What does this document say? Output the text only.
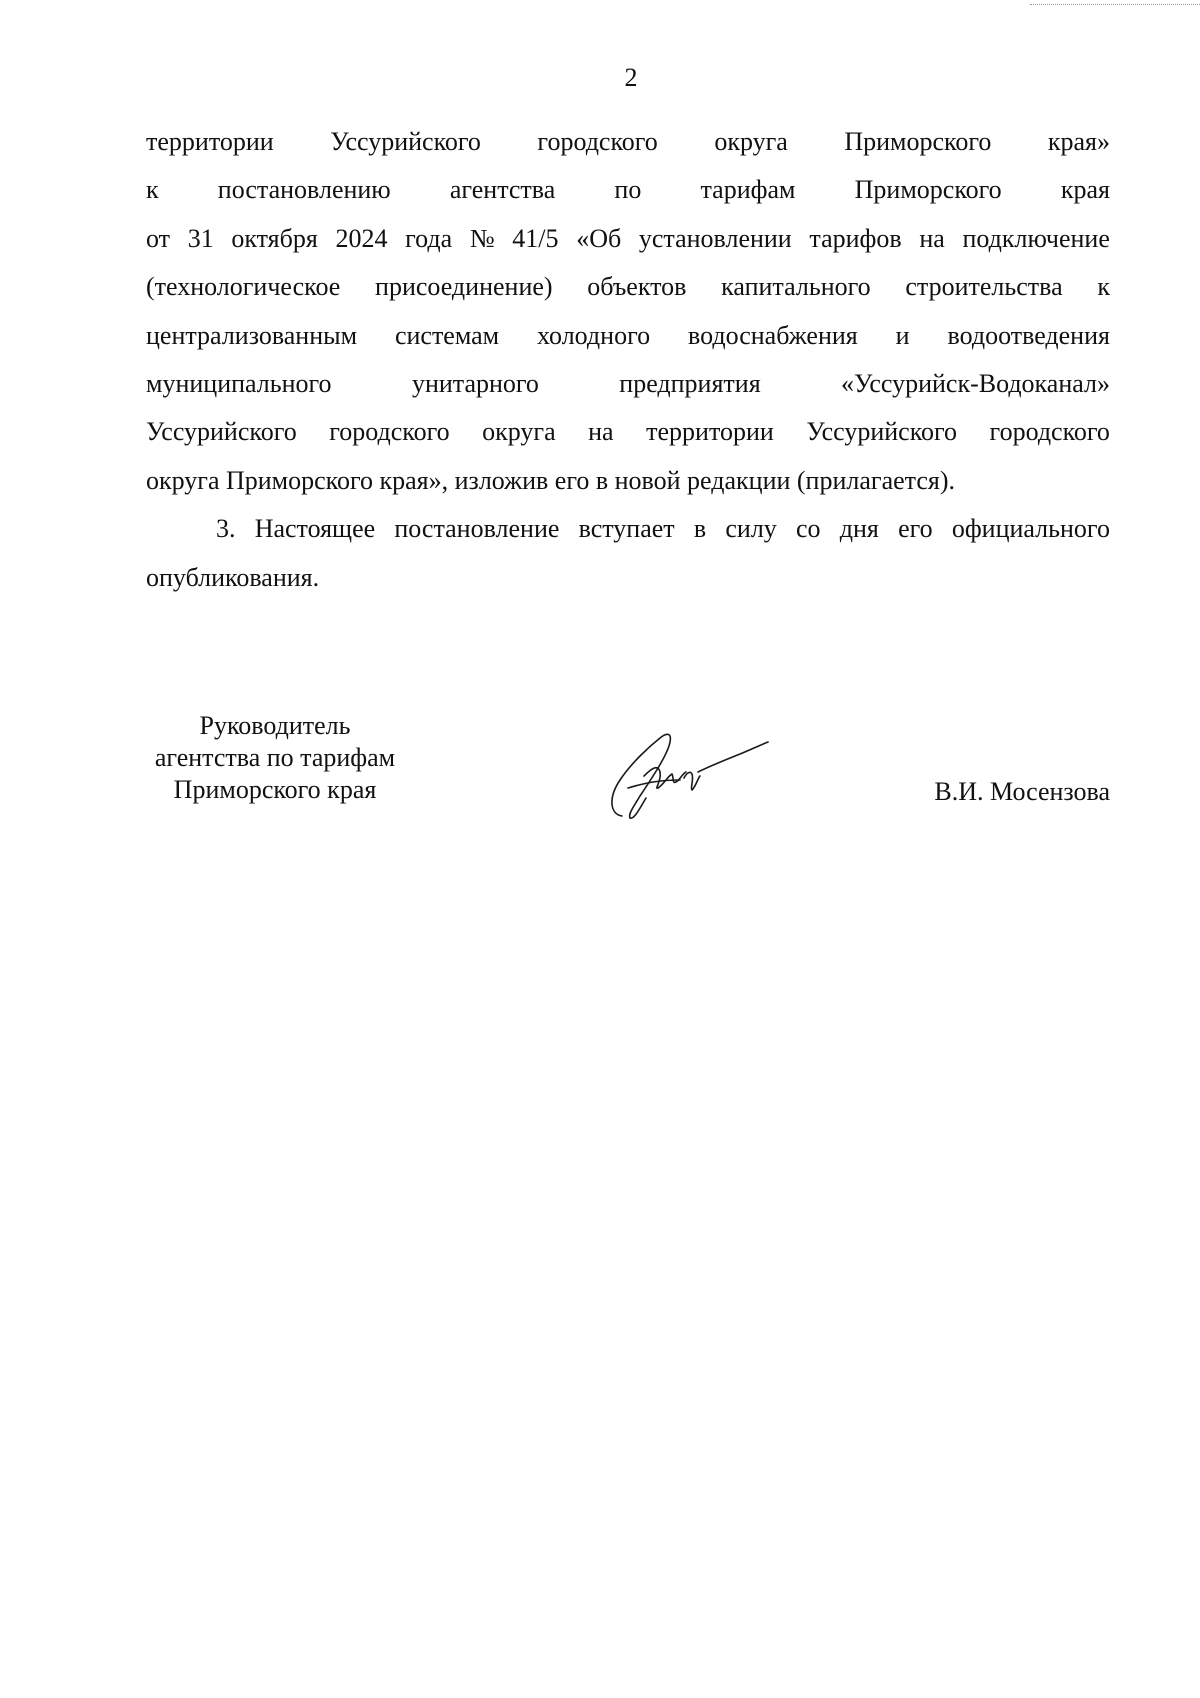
2
территории Уссурийского городского округа Приморского края»
к постановлению агентства по тарифам Приморского края
от 31 октября 2024 года № 41/5 «Об установлении тарифов на подключение
(технологическое присоединение) объектов капитального строительства к
централизованным системам холодного водоснабжения и водоотведения
муниципального	унитарного	предприятия	«Уссурийск-Водоканал»
Уссурийского городского округа на территории Уссурийского городского
округа Приморского края», изложив его в новой редакции (прилагается).
3. Настоящее постановление вступает в силу со дня его официального
опубликования.
Руководитель
агентства по тарифам
Приморского края	В.И. Мосензова
